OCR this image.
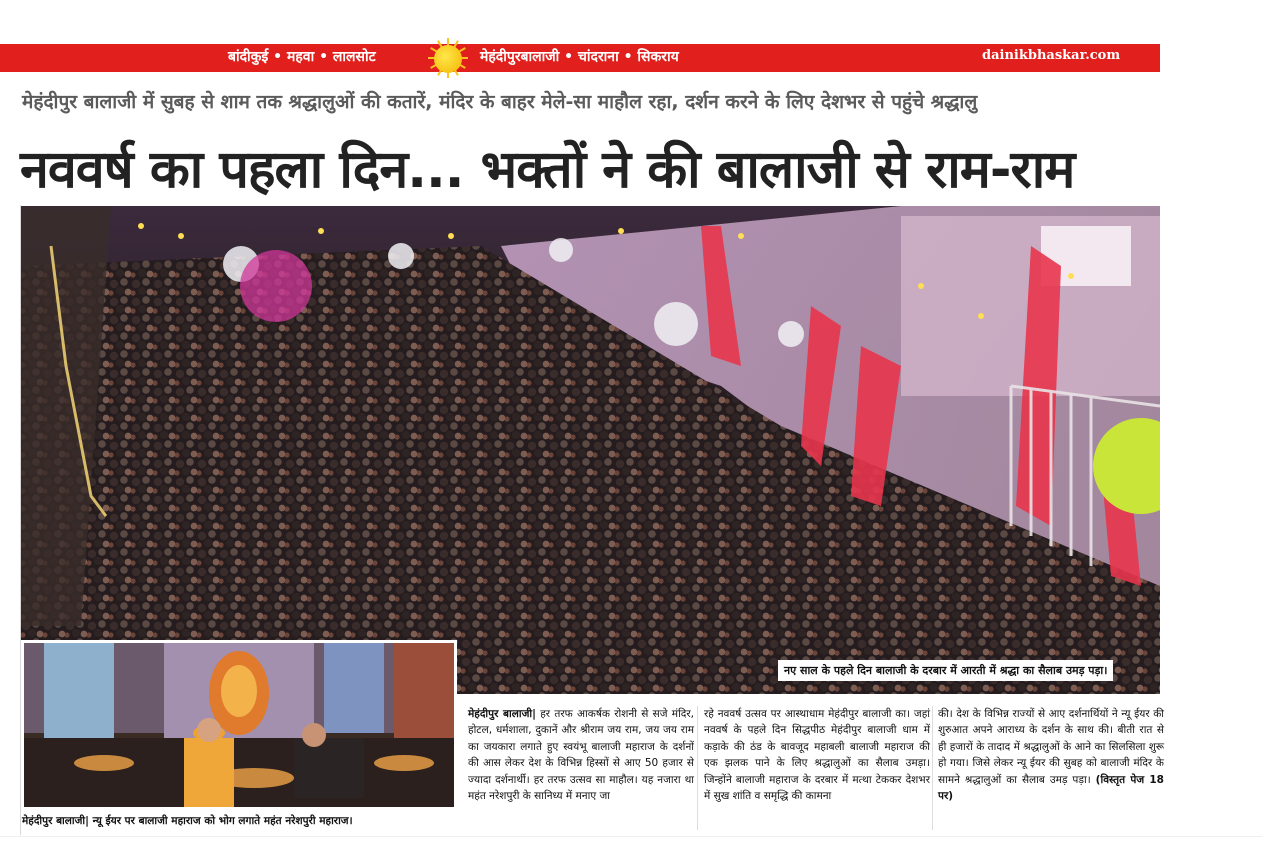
बांदीकुई • महवा • लालसोट	मेहंदीपुरबालाजी • चांदराना • सिकराय	dainikbhaskar.com
मेहंदीपुर बालाजी में सुबह से शाम तक श्रद्धालुओं की कतारें, मंदिर के बाहर मेले-सा माहौल रहा, दर्शन करने के लिए देशभर से पहुंचे श्रद्धालु
नववर्ष का पहला दिन... भक्तों ने की बालाजी से राम-राम
नए साल के पहले दिन बालाजी के दरबार में आरती में श्रद्धा का सैलाब उमड़ पड़ा।
मेहंदीपुर बालाजी| न्यू ईयर पर बालाजी महाराज को भोग लगाते महंत नरेशपुरी महाराज।
मेहंदीपुर बालाजी| हर तरफ आकर्षक रोशनी से सजे मंदिर, होटल, धर्मशाला, दुकानें और श्रीराम जय राम, जय जय राम का जयकारा लगाते हुए स्वयंभू बालाजी महाराज के दर्शनों की आस लेकर देश के विभिन्न हिस्सों से आए 50 हजार से ज्यादा दर्शनार्थी। हर तरफ उत्सव सा माहौल। यह नजारा था महंत नरेशपुरी के सानिध्य में मनाए जा
रहे नववर्ष उत्सव पर आस्थाधाम मेहंदीपुर बालाजी का। जहां नववर्ष के पहले दिन सिद्धपीठ मेहंदीपुर बालाजी धाम में कड़ाके की ठंड के बावजूद महाबली बालाजी महाराज की एक झलक पाने के लिए श्रद्धालुओं का सैलाब उमड़ा। जिन्होंने बालाजी महाराज के दरबार में मत्था टेककर देशभर में सुख शांति व समृद्धि की कामना
की। देश के विभिन्न राज्यों से आए दर्शनार्थियों ने न्यू ईयर की शुरुआत अपने आराध्य के दर्शन के साथ की। बीती रात से ही हजारों के तादाद में श्रद्धालुओं के आने का सिलसिला शुरू हो गया। जिसे लेकर न्यू ईयर की सुबह को बालाजी मंदिर के सामने श्रद्धालुओं का सैलाब उमड़ पड़ा। (विस्तृत पेज 18 पर)
